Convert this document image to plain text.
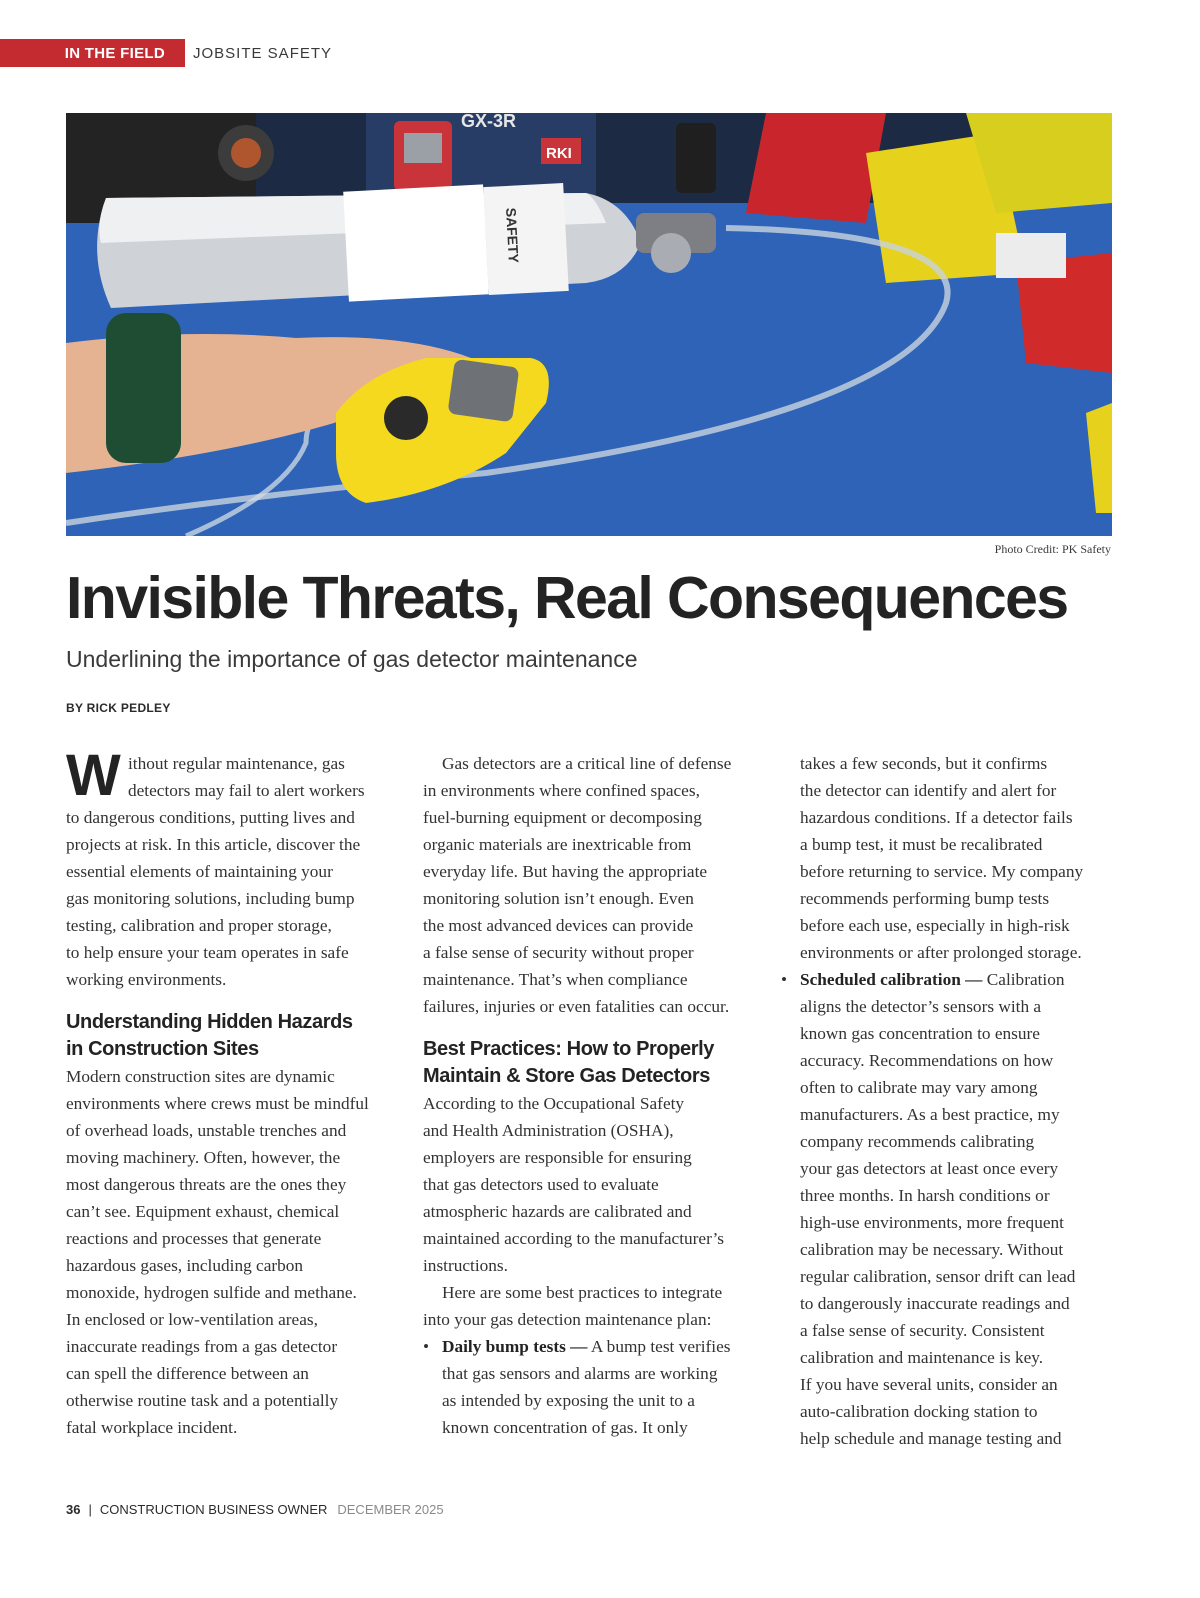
IN THE FIELD	JOBSITE SAFETY
GX-3R
RKI
SAFETY
Photo Credit: PK Safety
Invisible Threats, Real Consequences
Underlining the importance of gas detector maintenance
BY RICK PEDLEY
W ithout regular maintenance, gas
detectors may fail to alert workers
to dangerous conditions, putting lives and
projects at risk. In this article, discover the
essential elements of maintaining your
gas monitoring solutions, including bump
testing, calibration and proper storage,
to help ensure your team operates in safe
working environments.
Understanding Hidden Hazards
in Construction Sites
Modern construction sites are dynamic
environments where crews must be mindful
of overhead loads, unstable trenches and
moving machinery. Often, however, the
most dangerous threats are the ones they
can’t see. Equipment exhaust, chemical
reactions and processes that generate
hazardous gases, including carbon
monoxide, hydrogen sulfide and methane.
In enclosed or low-ventilation areas,
inaccurate readings from a gas detector
can spell the difference between an
otherwise routine task and a potentially
fatal workplace incident.
Gas detectors are a critical line of defense
in environments where confined spaces,
fuel-burning equipment or decomposing
organic materials are inextricable from
everyday life. But having the appropriate
monitoring solution isn’t enough. Even
the most advanced devices can provide
a false sense of security without proper
maintenance. That’s when compliance
failures, injuries or even fatalities can occur.
Best Practices: How to Properly
Maintain & Store Gas Detectors
According to the Occupational Safety
and Health Administration (OSHA),
employers are responsible for ensuring
that gas detectors used to evaluate
atmospheric hazards are calibrated and
maintained according to the manufacturer’s
instructions.
Here are some best practices to integrate
into your gas detection maintenance plan:
• Daily bump tests — A bump test verifies
that gas sensors and alarms are working
as intended by exposing the unit to a
known concentration of gas. It only
takes a few seconds, but it confirms
the detector can identify and alert for
hazardous conditions. If a detector fails
a bump test, it must be recalibrated
before returning to service. My company
recommends performing bump tests
before each use, especially in high-risk
environments or after prolonged storage.
• Scheduled calibration — Calibration
aligns the detector’s sensors with a
known gas concentration to ensure
accuracy. Recommendations on how
often to calibrate may vary among
manufacturers. As a best practice, my
company recommends calibrating
your gas detectors at least once every
three months. In harsh conditions or
high-use environments, more frequent
calibration may be necessary. Without
regular calibration, sensor drift can lead
to dangerously inaccurate readings and
a false sense of security. Consistent
calibration and maintenance is key.
If you have several units, consider an
auto-calibration docking station to
help schedule and manage testing and
36 | CONSTRUCTION BUSINESS OWNER DECEMBER 2025
